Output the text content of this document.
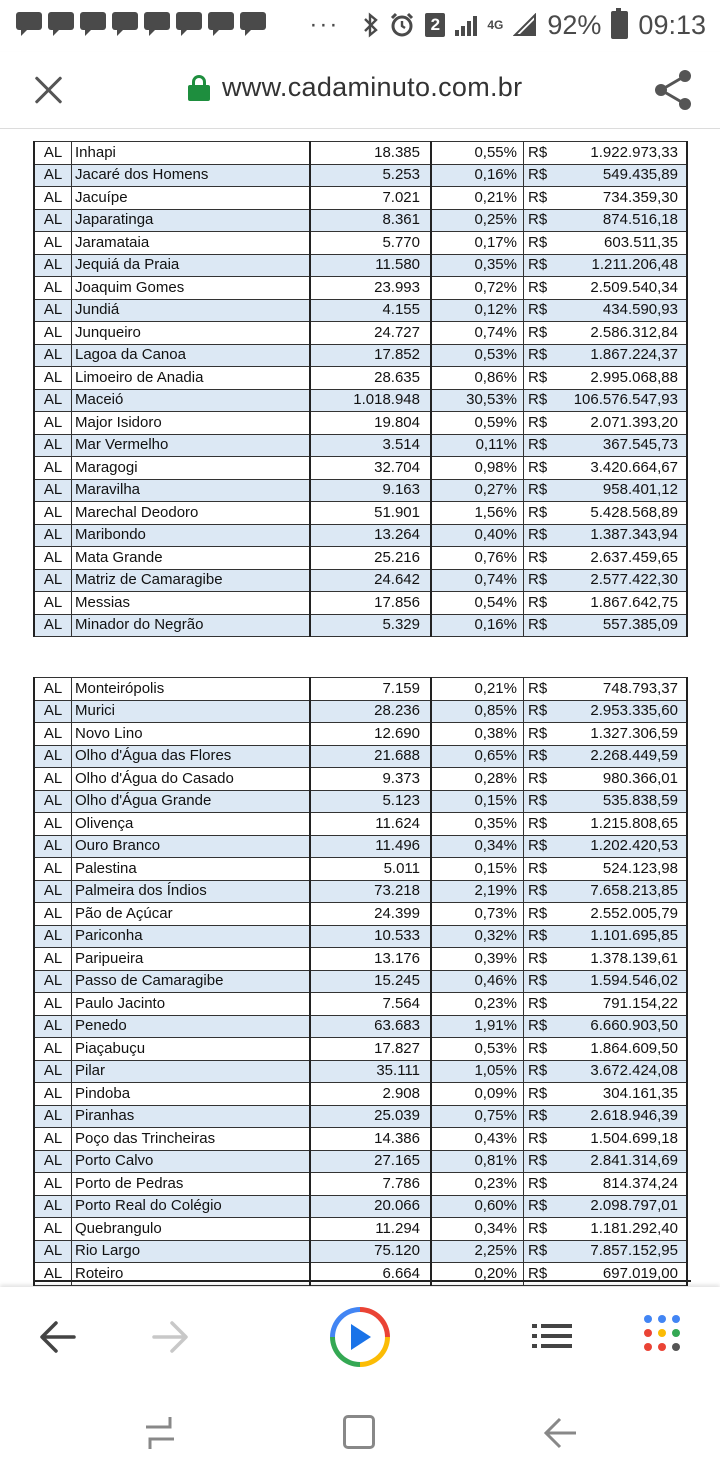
···	2	4G 92% 09:13
www.cadaminuto.com.br
AL	Inhapi	18.385	0,55%	R$	1.922.973,33
AL	Jacaré dos Homens	5.253	0,16%	R$	549.435,89
AL	Jacuípe	7.021	0,21%	R$	734.359,30
AL	Japaratinga	8.361	0,25%	R$	874.516,18
AL	Jaramataia	5.770	0,17%	R$	603.511,35
AL	Jequiá da Praia	11.580	0,35%	R$	1.211.206,48
AL	Joaquim Gomes	23.993	0,72%	R$	2.509.540,34
AL	Jundiá	4.155	0,12%	R$	434.590,93
AL	Junqueiro	24.727	0,74%	R$	2.586.312,84
AL	Lagoa da Canoa	17.852	0,53%	R$	1.867.224,37
AL	Limoeiro de Anadia	28.635	0,86%	R$	2.995.068,88
AL	Maceió	1.018.948	30,53%	R$	106.576.547,93
AL	Major Isidoro	19.804	0,59%	R$	2.071.393,20
AL	Mar Vermelho	3.514	0,11%	R$	367.545,73
AL	Maragogi	32.704	0,98%	R$	3.420.664,67
AL	Maravilha	9.163	0,27%	R$	958.401,12
AL	Marechal Deodoro	51.901	1,56%	R$	5.428.568,89
AL	Maribondo	13.264	0,40%	R$	1.387.343,94
AL	Mata Grande	25.216	0,76%	R$	2.637.459,65
AL	Matriz de Camaragibe	24.642	0,74%	R$	2.577.422,30
AL	Messias	17.856	0,54%	R$	1.867.642,75
AL	Minador do Negrão	5.329	0,16%	R$	557.385,09
AL	Monteirópolis	7.159	0,21%	R$	748.793,37
AL	Murici	28.236	0,85%	R$	2.953.335,60
AL	Novo Lino	12.690	0,38%	R$	1.327.306,59
AL	Olho d'Água das Flores	21.688	0,65%	R$	2.268.449,59
AL	Olho d'Água do Casado	9.373	0,28%	R$	980.366,01
AL	Olho d'Água Grande	5.123	0,15%	R$	535.838,59
AL	Olivença	11.624	0,35%	R$	1.215.808,65
AL	Ouro Branco	11.496	0,34%	R$	1.202.420,53
AL	Palestina	5.011	0,15%	R$	524.123,98
AL	Palmeira dos Índios	73.218	2,19%	R$	7.658.213,85
AL	Pão de Açúcar	24.399	0,73%	R$	2.552.005,79
AL	Pariconha	10.533	0,32%	R$	1.101.695,85
AL	Paripueira	13.176	0,39%	R$	1.378.139,61
AL	Passo de Camaragibe	15.245	0,46%	R$	1.594.546,02
AL	Paulo Jacinto	7.564	0,23%	R$	791.154,22
AL	Penedo	63.683	1,91%	R$	6.660.903,50
AL	Piaçabuçu	17.827	0,53%	R$	1.864.609,50
AL	Pilar	35.111	1,05%	R$	3.672.424,08
AL	Pindoba	2.908	0,09%	R$	304.161,35
AL	Piranhas	25.039	0,75%	R$	2.618.946,39
AL	Poço das Trincheiras	14.386	0,43%	R$	1.504.699,18
AL	Porto Calvo	27.165	0,81%	R$	2.841.314,69
AL	Porto de Pedras	7.786	0,23%	R$	814.374,24
AL	Porto Real do Colégio	20.066	0,60%	R$	2.098.797,01
AL	Quebrangulo	11.294	0,34%	R$	1.181.292,40
AL	Rio Largo	75.120	2,25%	R$	7.857.152,95
AL	Roteiro	6.664	0,20%	R$	697.019,00
